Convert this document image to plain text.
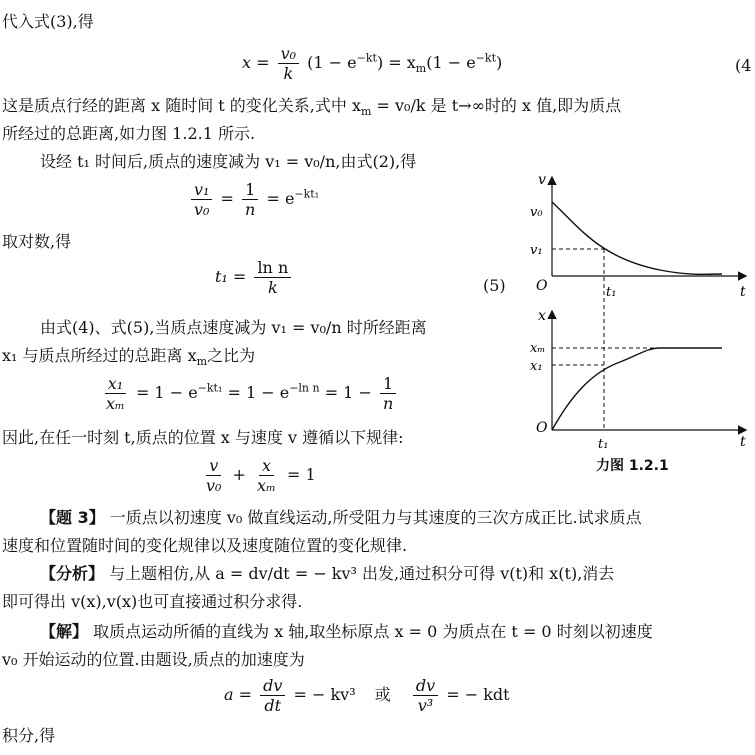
代入式(3),得
$x = \frac{\text{v₀}}{k} (1 - e^{-kt}) = x_m(1 - e^{-kt})$	(4
这是质点行经的距离 x 随时间 t 的变化关系,式中 $x_m = v_0/k$ 是 t→∞时的 x 值,即为质点
所经过的总距离,如力图 1.2.1 所示.
设经 t₁ 时间后,质点的速度减为 v₁ = v₀/n,由式(2),得
$\frac{\text{v₁}}{\text{v₀}} = \frac{1}{n} = e^{-kt_1}$
取对数,得
$t_1 = \frac{\text{ln n}}{k}$	(5)
由式(4)、式(5),当质点速度减为 v₁ = v₀/n 时所经距离
x₁ 与质点所经过的总距离 $x_m$之比为
$\frac{\text{x₁}}{\text{xₘ}} = 1 - e^{-kt_1} = 1 - e^{-ln n} = 1 - \frac{1}{n}$
因此,在任一时刻 t,质点的位置 x 与速度 v 遵循以下规律:
$\frac{v}{\text{v₀}} + \frac{x}{\text{xₘ}} = 1$
【题 3】 一质点以初速度 v₀ 做直线运动,所受阻力与其速度的三次方成正比.试求质点
速度和位置随时间的变化规律以及速度随位置的变化规律.
【分析】 与上题相仿,从 a = dv/dt = − kv³ 出发,通过积分可得 v(t)和 x(t),消去
即可得出 v(x),v(x)也可直接通过积分求得.
【解】 取质点运动所循的直线为 x 轴,取坐标原点 x = 0 为质点在 t = 0 时刻以初速度
v₀ 开始运动的位置.由题设,质点的加速度为
$a = \frac{dv}{dt}$ = − kv³ 或 $\frac{dv}{\text{v³}}$ = − kdt
积分,得
v
v₀
v₁
O	t
t₁
x
xₘ
x₁
O
t
t₁
力图 1.2.1
